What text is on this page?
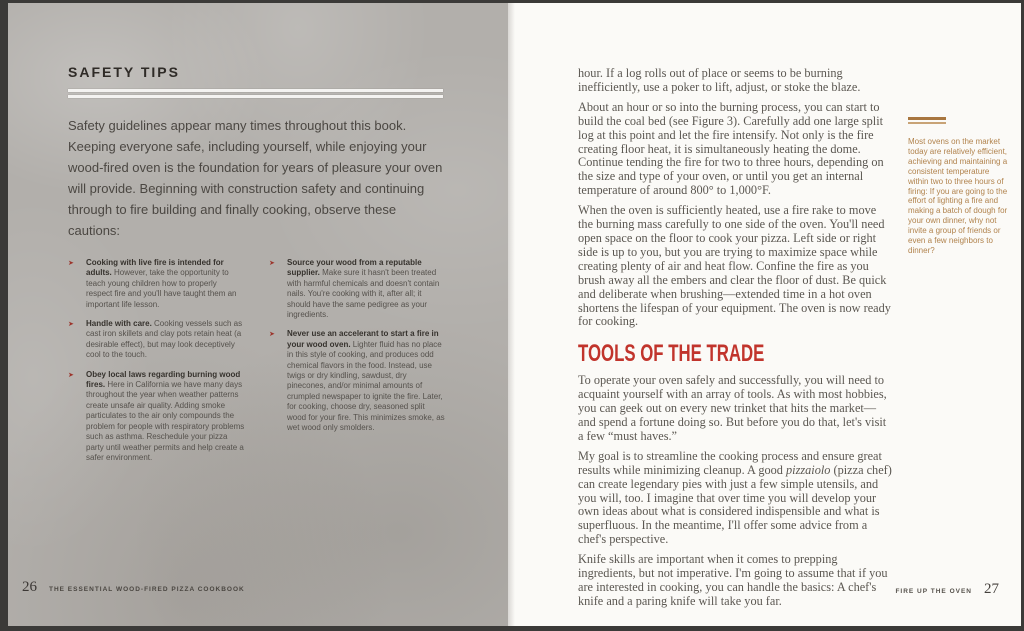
SAFETY TIPS

Safety guidelines appear many times throughout this book. Keeping everyone safe, including yourself, while enjoying your wood-fired oven is the foundation for years of pleasure your oven will provide. Beginning with construction safety and continuing through to fire building and finally cooking, observe these cautions:

➤	Cooking with live fire is intended for adults. However, take the opportunity to teach young children how to properly respect fire and you'll have taught them an important life lesson.
➤	Handle with care. Cooking vessels such as cast iron skillets and clay pots retain heat (a desirable effect), but may look deceptively cool to the touch.
➤	Obey local laws regarding burning wood fires. Here in California we have many days throughout the year when weather patterns create unsafe air quality. Adding smoke particulates to the air only compounds the problem for people with respiratory problems such as asthma. Reschedule your pizza party until weather permits and help create a safer environment.
➤	Source your wood from a reputable supplier. Make sure it hasn't been treated with harmful chemicals and doesn't contain nails. You're cooking with it, after all; it should have the same pedigree as your ingredients.
➤	Never use an accelerant to start a fire in your wood oven. Lighter fluid has no place in this style of cooking, and produces odd chemical flavors in the food. Instead, use twigs or dry kindling, sawdust, dry pinecones, and/or minimal amounts of crumpled newspaper to ignite the fire. Later, for cooking, choose dry, seasoned split wood for your fire. This minimizes smoke, as wet wood only smolders.
26 THE ESSENTIAL WOOD-FIRED PIZZA COOKBOOK

hour. If a log rolls out of place or seems to be burning inefficiently, use a poker to lift, adjust, or stoke the blaze.

About an hour or so into the burning process, you can start to build the coal bed (see Figure 3). Carefully add one large split log at this point and let the fire intensify. Not only is the fire creating floor heat, it is simultaneously heating the dome. Continue tending the fire for two to three hours, depending on the size and type of your oven, or until you get an internal temperature of around 800° to 1,000°F.

When the oven is sufficiently heated, use a fire rake to move the burning mass carefully to one side of the oven. You'll need open space on the floor to cook your pizza. Left side or right side is up to you, but you are trying to maximize space while creating plenty of air and heat flow. Confine the fire as you brush away all the embers and clear the floor of dust. Be quick and deliberate when brushing—extended time in a hot oven shortens the lifespan of your equipment. The oven is now ready for cooking.

TOOLS OF THE TRADE

To operate your oven safely and successfully, you will need to acquaint yourself with an array of tools. As with most hobbies, you can geek out on every new trinket that hits the market—and spend a fortune doing so. But before you do that, let's visit a few “must haves.”

My goal is to streamline the cooking process and ensure great results while minimizing cleanup. A good pizzaiolo (pizza chef) can create legendary pies with just a few simple utensils, and you will, too. I imagine that over time you will develop your own ideas about what is considered indispensible and what is superfluous. In the meantime, I'll offer some advice from a chef's perspective.

Knife skills are important when it comes to prepping ingredients, but not imperative. I'm going to assume that if you are interested in cooking, you can handle the basics: A chef's knife and a paring knife will take you far.

Most ovens on the market today are relatively efficient, achieving and maintaining a consistent temperature within two to three hours of firing: If you are going to the effort of lighting a fire and making a batch of dough for your own dinner, why not invite a group of friends or even a few neighbors to dinner?

FIRE UP THE OVEN 27
